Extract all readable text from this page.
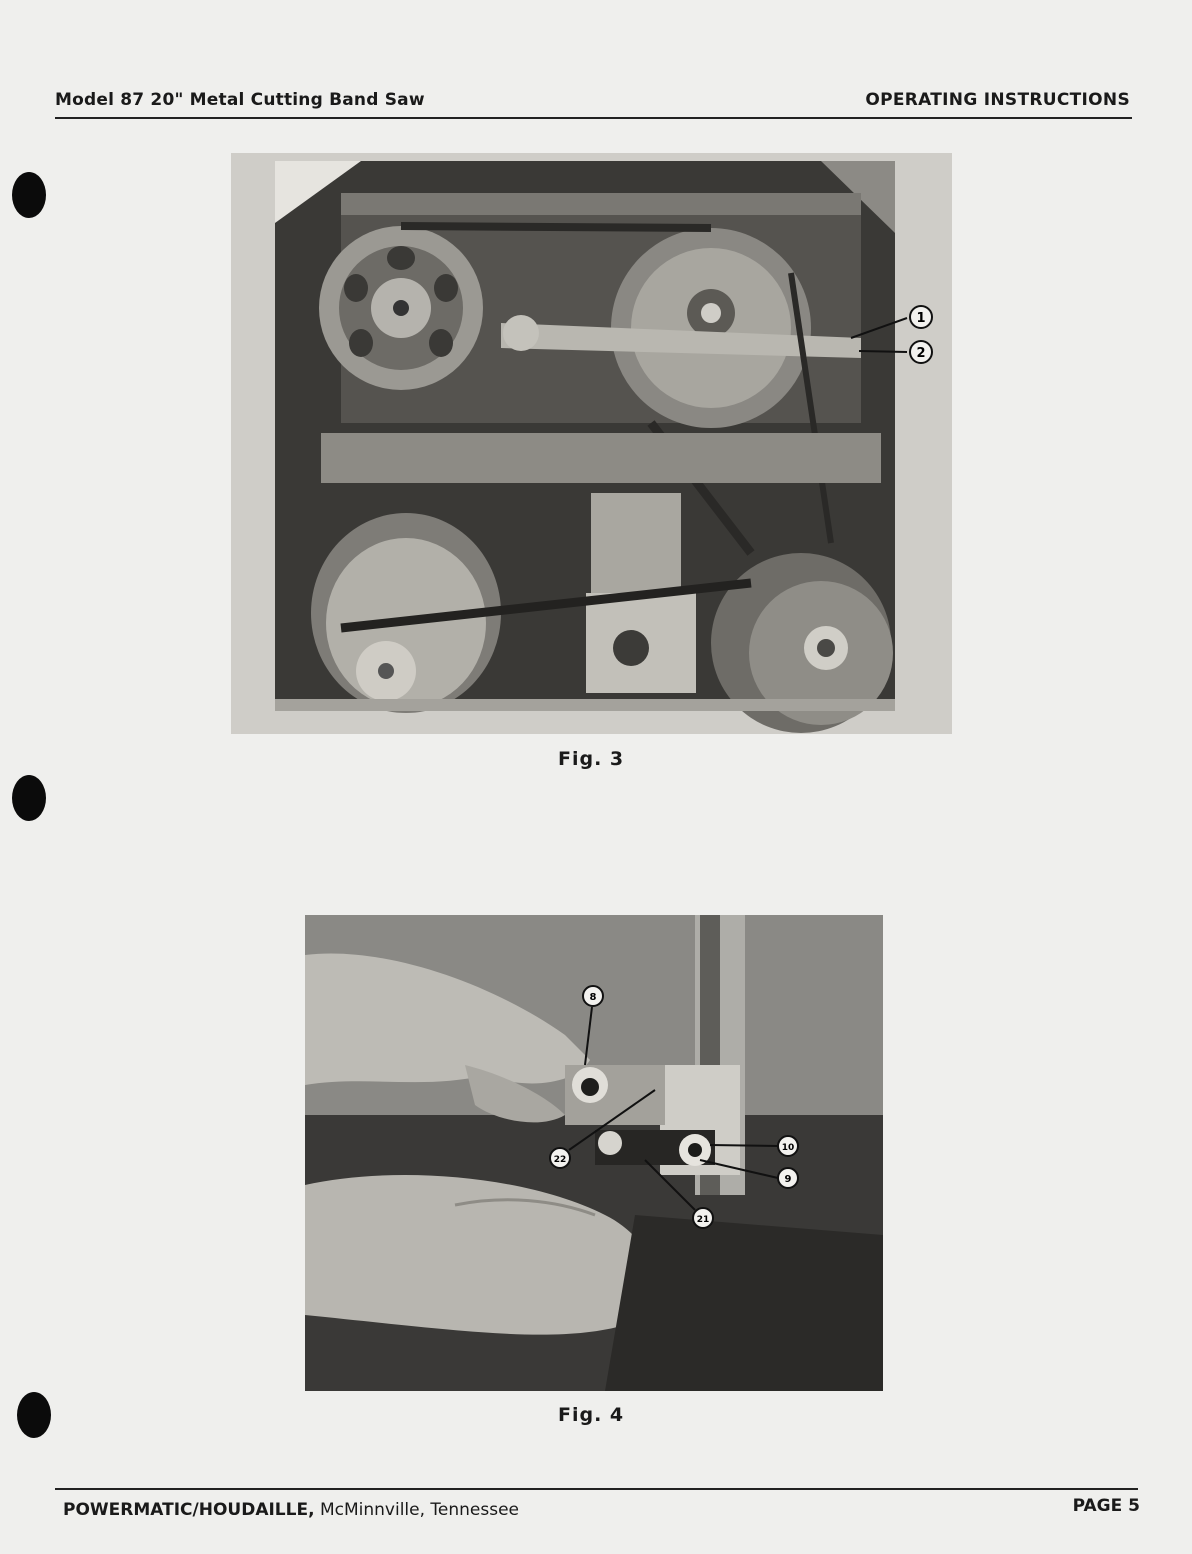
Model 87 20" Metal Cutting Band Saw	OPERATING INSTRUCTIONS
1
2
Fig. 3
8
22
10
9
21
Fig. 4
POWERMATIC/HOUDAILLE, McMinnville, Tennessee	PAGE 5
